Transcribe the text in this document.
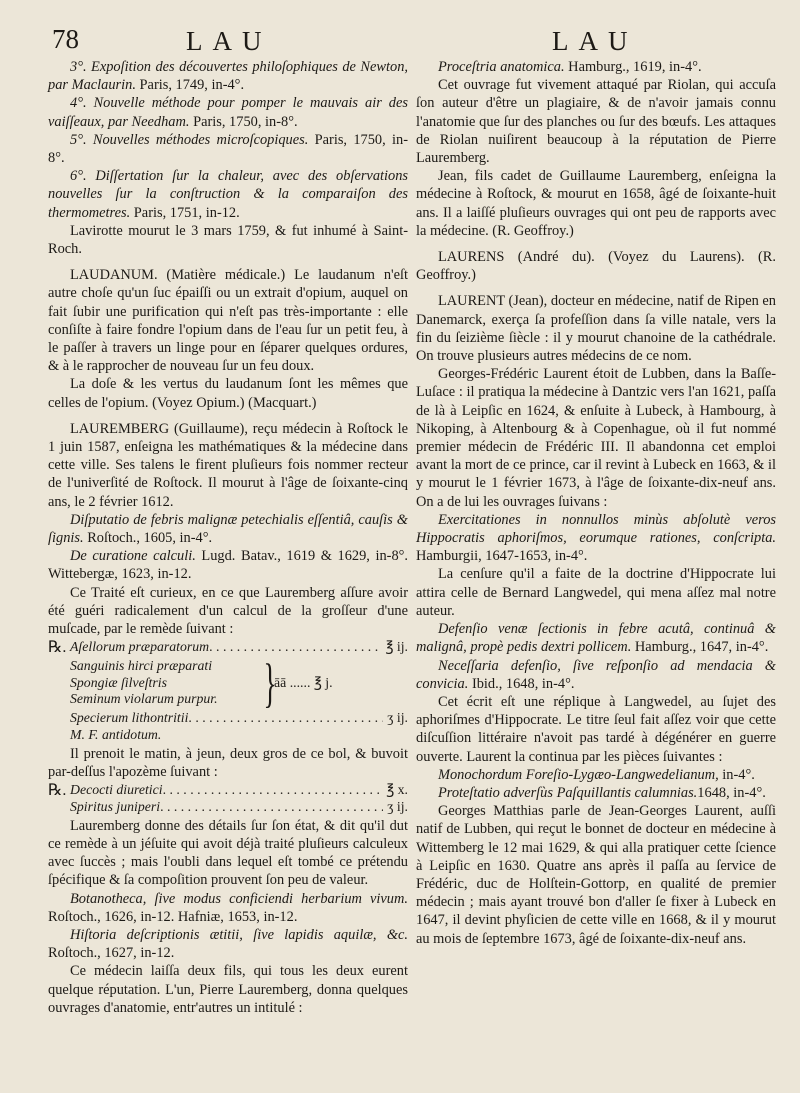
78	LAU	LAU

3°. Expoſition des découvertes philoſophiques de Newton, par Maclaurin. Paris, 1749, in-4°.

4°. Nouvelle méthode pour pomper le mauvais air des vaiſſeaux, par Needham. Paris, 1750, in-8°.

5°. Nouvelles méthodes microſcopiques. Paris, 1750, in-8°.

6°. Diſſertation ſur la chaleur, avec des obſervations nouvelles ſur la conſtruction & la comparaiſon des thermometres. Paris, 1751, in-12.

Lavirotte mourut le 3 mars 1759, & fut inhumé à Saint-Roch.

LAUDANUM. (Matière médicale.) Le laudanum n'eſt autre choſe qu'un ſuc épaiſſi ou un extrait d'opium, auquel on fait ſubir une purification qui n'eſt pas très-importante : elle conſiſte à faire fondre l'opium dans de l'eau ſur un petit feu, à le paſſer à travers un linge pour en ſéparer quelques ordures, & à le rapprocher de nouveau ſur un feu doux.

La doſe & les vertus du laudanum ſont les mêmes que celles de l'opium. (Voyez Opium.) (Macquart.)

LAUREMBERG (Guillaume), reçu médecin à Roſtock le 1 juin 1587, enſeigna les mathématiques & la médecine dans cette ville. Ses talens le firent pluſieurs fois nommer recteur de l'univerſité de Roſtock. Il mourut à l'âge de ſoixante-cinq ans, le 2 février 1612.

Diſputatio de febris malignæ petechialis eſſentiâ, cauſis & ſignis. Roſtoch., 1605, in-4°.

De curatione calculi. Lugd. Batav., 1619 & 1629, in-8°. Wittebergæ, 1623, in-12.

Ce Traité eſt curieux, en ce que Lauremberg aſſure avoir été guéri radicalement d'un calcul de la groſſeur d'une muſcade, par le remède ſuivant :

℞. Aſellorum præparatorum . . .	℥ ij.
Sanguinis hirci præparati
Spongiæ ſilveſtris
Seminum violarum purpur. }
āā ...... ℥ j.
Specierum lithontritii . . .	ʒ ij.
M. F. antidotum.

Il prenoit le matin, à jeun, deux gros de ce bol, & buvoit par-deſſus l'apozème ſuivant :

℞. Decocti diuretici . . .	℥ x.
Spiritus juniperi . . .	ʒ ij.

Lauremberg donne des détails ſur ſon état, & dit qu'il dut ce remède à un jéſuite qui avoit déjà traité pluſieurs calculeux avec ſuccès ; mais l'oubli dans lequel eſt tombé ce prétendu ſpécifique & ſa compoſition prouvent ſon peu de valeur.

Botanotheca, ſive modus conficiendi herbarium vivum. Roſtoch., 1626, in-12. Hafniæ, 1653, in-12.

Hiſtoria deſcriptionis ætitii, ſive lapidis aquilæ, &c. Roſtoch., 1627, in-12.

Ce médecin laiſſa deux fils, qui tous les deux eurent quelque réputation. L'un, Pierre Lauremberg, donna quelques ouvrages d'anatomie, entr'autres un intitulé :

Proceſtria anatomica. Hamburg., 1619, in-4°.

Cet ouvrage fut vivement attaqué par Riolan, qui accuſa ſon auteur d'être un plagiaire, & de n'avoir jamais connu l'anatomie que ſur des planches ou ſur des bœufs. Les attaques de Riolan nuiſirent beaucoup à la réputation de Pierre Lauremberg.

Jean, fils cadet de Guillaume Lauremberg, enſeigna la médecine à Roſtock, & mourut en 1658, âgé de ſoixante-huit ans. Il a laiſſé pluſieurs ouvrages qui ont peu de rapports avec la médecine. (R. Geoffroy.)

LAURENS (André du). (Voyez du Laurens). (R. Geoffroy.)

LAURENT (Jean), docteur en médecine, natif de Ripen en Danemarck, exerça ſa profeſſion dans ſa ville natale, vers la fin du ſeizième ſiècle : il y mourut chanoine de la cathédrale. On trouve plusieurs autres médecins de ce nom.

Georges-Frédéric Laurent étoit de Lubben, dans la Baſſe-Luſace : il pratiqua la médecine à Dantzic vers l'an 1621, paſſa de là à Leipſic en 1624, & enſuite à Lubeck, à Hambourg, à Nikoping, à Altenbourg & à Copenhague, où il fut nommé premier médecin de Frédéric III. Il abandonna cet emploi avant la mort de ce prince, car il revint à Lubeck en 1663, & il y mourut le 1 février 1673, à l'âge de ſoixante-dix-neuf ans. On a de lui les ouvrages ſuivans :

Exercitationes in nonnullos minùs abſolutè veros Hippocratis aphoriſmos, eorumque rationes, conſcripta. Hamburgii, 1647-1653, in-4°.

La cenſure qu'il a faite de la doctrine d'Hippocrate lui attira celle de Bernard Langwedel, qui mena aſſez mal notre auteur.

Defenſio venæ ſectionis in febre acutâ, continuâ & malignâ, propè pedis dextri pollicem. Hamburg., 1647, in-4°.

Neceſſaria defenſio, ſive reſponſio ad mendacia & convicia. Ibid., 1648, in-4°.

Cet écrit eſt une réplique à Langwedel, au ſujet des aphoriſmes d'Hippocrate. Le titre ſeul fait aſſez voir que cette diſcuſſion littéraire n'avoit pas tardé à dégénérer en guerre ouverte. Laurent la continua par les pièces ſuivantes :

Monochordum Foreſio-Lygæo-Langwedelianum, in-4°.

Proteſtatio adverſùs Paſquillantis calumnias.1648, in-4°.

Georges Matthias parle de Jean-Georges Laurent, auſſi natif de Lubben, qui reçut le bonnet de docteur en médecine à Wittemberg le 12 mai 1629, & qui alla pratiquer cette ſcience à Leipſic en 1630. Quatre ans après il paſſa au ſervice de Frédéric, duc de Holſtein-Gottorp, en qualité de premier médecin ; mais ayant trouvé bon d'aller ſe fixer à Lubeck en 1647, il devint phyſicien de cette ville en 1668, & il y mourut au mois de ſeptembre 1673, âgé de ſoixante-dix-neuf ans.
